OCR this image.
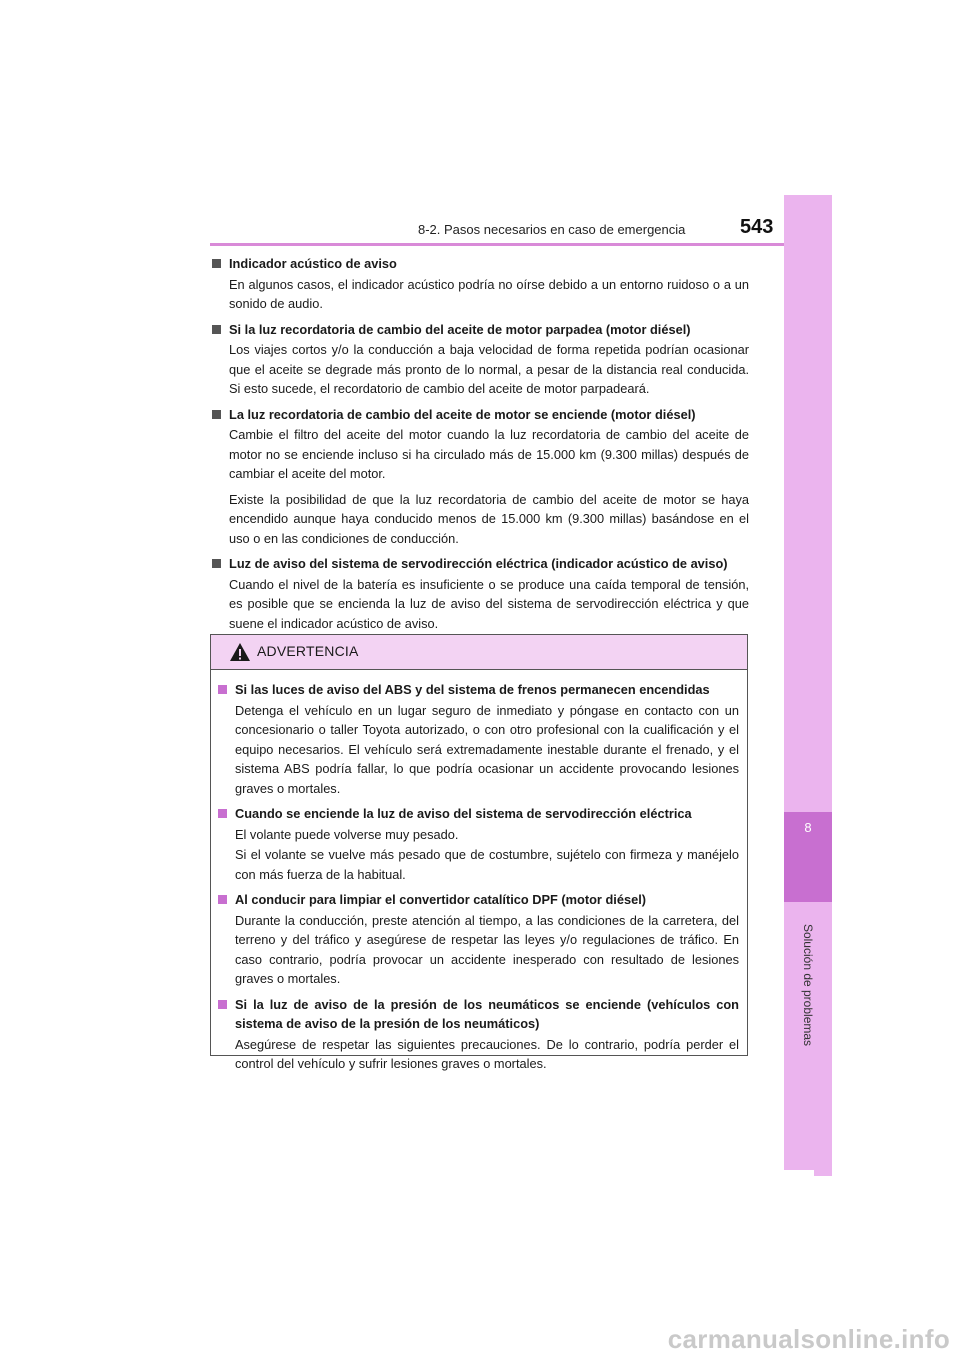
8-2. Pasos necesarios en caso de emergencia	543
8
Solución de problemas
Indicador acústico de aviso
En algunos casos, el indicador acústico podría no oírse debido a un entorno ruidoso o a un sonido de audio.
Si la luz recordatoria de cambio del aceite de motor parpadea (motor diésel)
Los viajes cortos y/o la conducción a baja velocidad de forma repetida podrían ocasionar que el aceite se degrade más pronto de lo normal, a pesar de la distancia real conducida. Si esto sucede, el recordatorio de cambio del aceite de motor parpadeará.
La luz recordatoria de cambio del aceite de motor se enciende (motor diésel)
Cambie el filtro del aceite del motor cuando la luz recordatoria de cambio del aceite de motor no se enciende incluso si ha circulado más de 15.000 km (9.300 millas) después de cambiar el aceite del motor.
Existe la posibilidad de que la luz recordatoria de cambio del aceite de motor se haya encendido aunque haya conducido menos de 15.000 km (9.300 millas) basándose en el uso o en las condiciones de conducción.
Luz de aviso del sistema de servodirección eléctrica (indicador acústico de aviso)
Cuando el nivel de la batería es insuficiente o se produce una caída temporal de tensión, es posible que se encienda la luz de aviso del sistema de servodirección eléctrica y que suene el indicador acústico de aviso.
ADVERTENCIA
Si las luces de aviso del ABS y del sistema de frenos permanecen encendidas
Detenga el vehículo en un lugar seguro de inmediato y póngase en contacto con un concesionario o taller Toyota autorizado, o con otro profesional con la cualificación y el equipo necesarios. El vehículo será extremadamente inestable durante el frenado, y el sistema ABS podría fallar, lo que podría ocasionar un accidente provocando lesiones graves o mortales.
Cuando se enciende la luz de aviso del sistema de servodirección eléctrica
El volante puede volverse muy pesado.
Si el volante se vuelve más pesado que de costumbre, sujételo con firmeza y manéjelo con más fuerza de la habitual.
Al conducir para limpiar el convertidor catalítico DPF (motor diésel)
Durante la conducción, preste atención al tiempo, a las condiciones de la carretera, del terreno y del tráfico y asegúrese de respetar las leyes y/o regulaciones de tráfico. En caso contrario, podría provocar un accidente inesperado con resultado de lesiones graves o mortales.
Si la luz de aviso de la presión de los neumáticos se enciende (vehículos con sistema de aviso de la presión de los neumáticos)
Asegúrese de respetar las siguientes precauciones. De lo contrario, podría perder el control del vehículo y sufrir lesiones graves o mortales.
carmanualsonline.info
